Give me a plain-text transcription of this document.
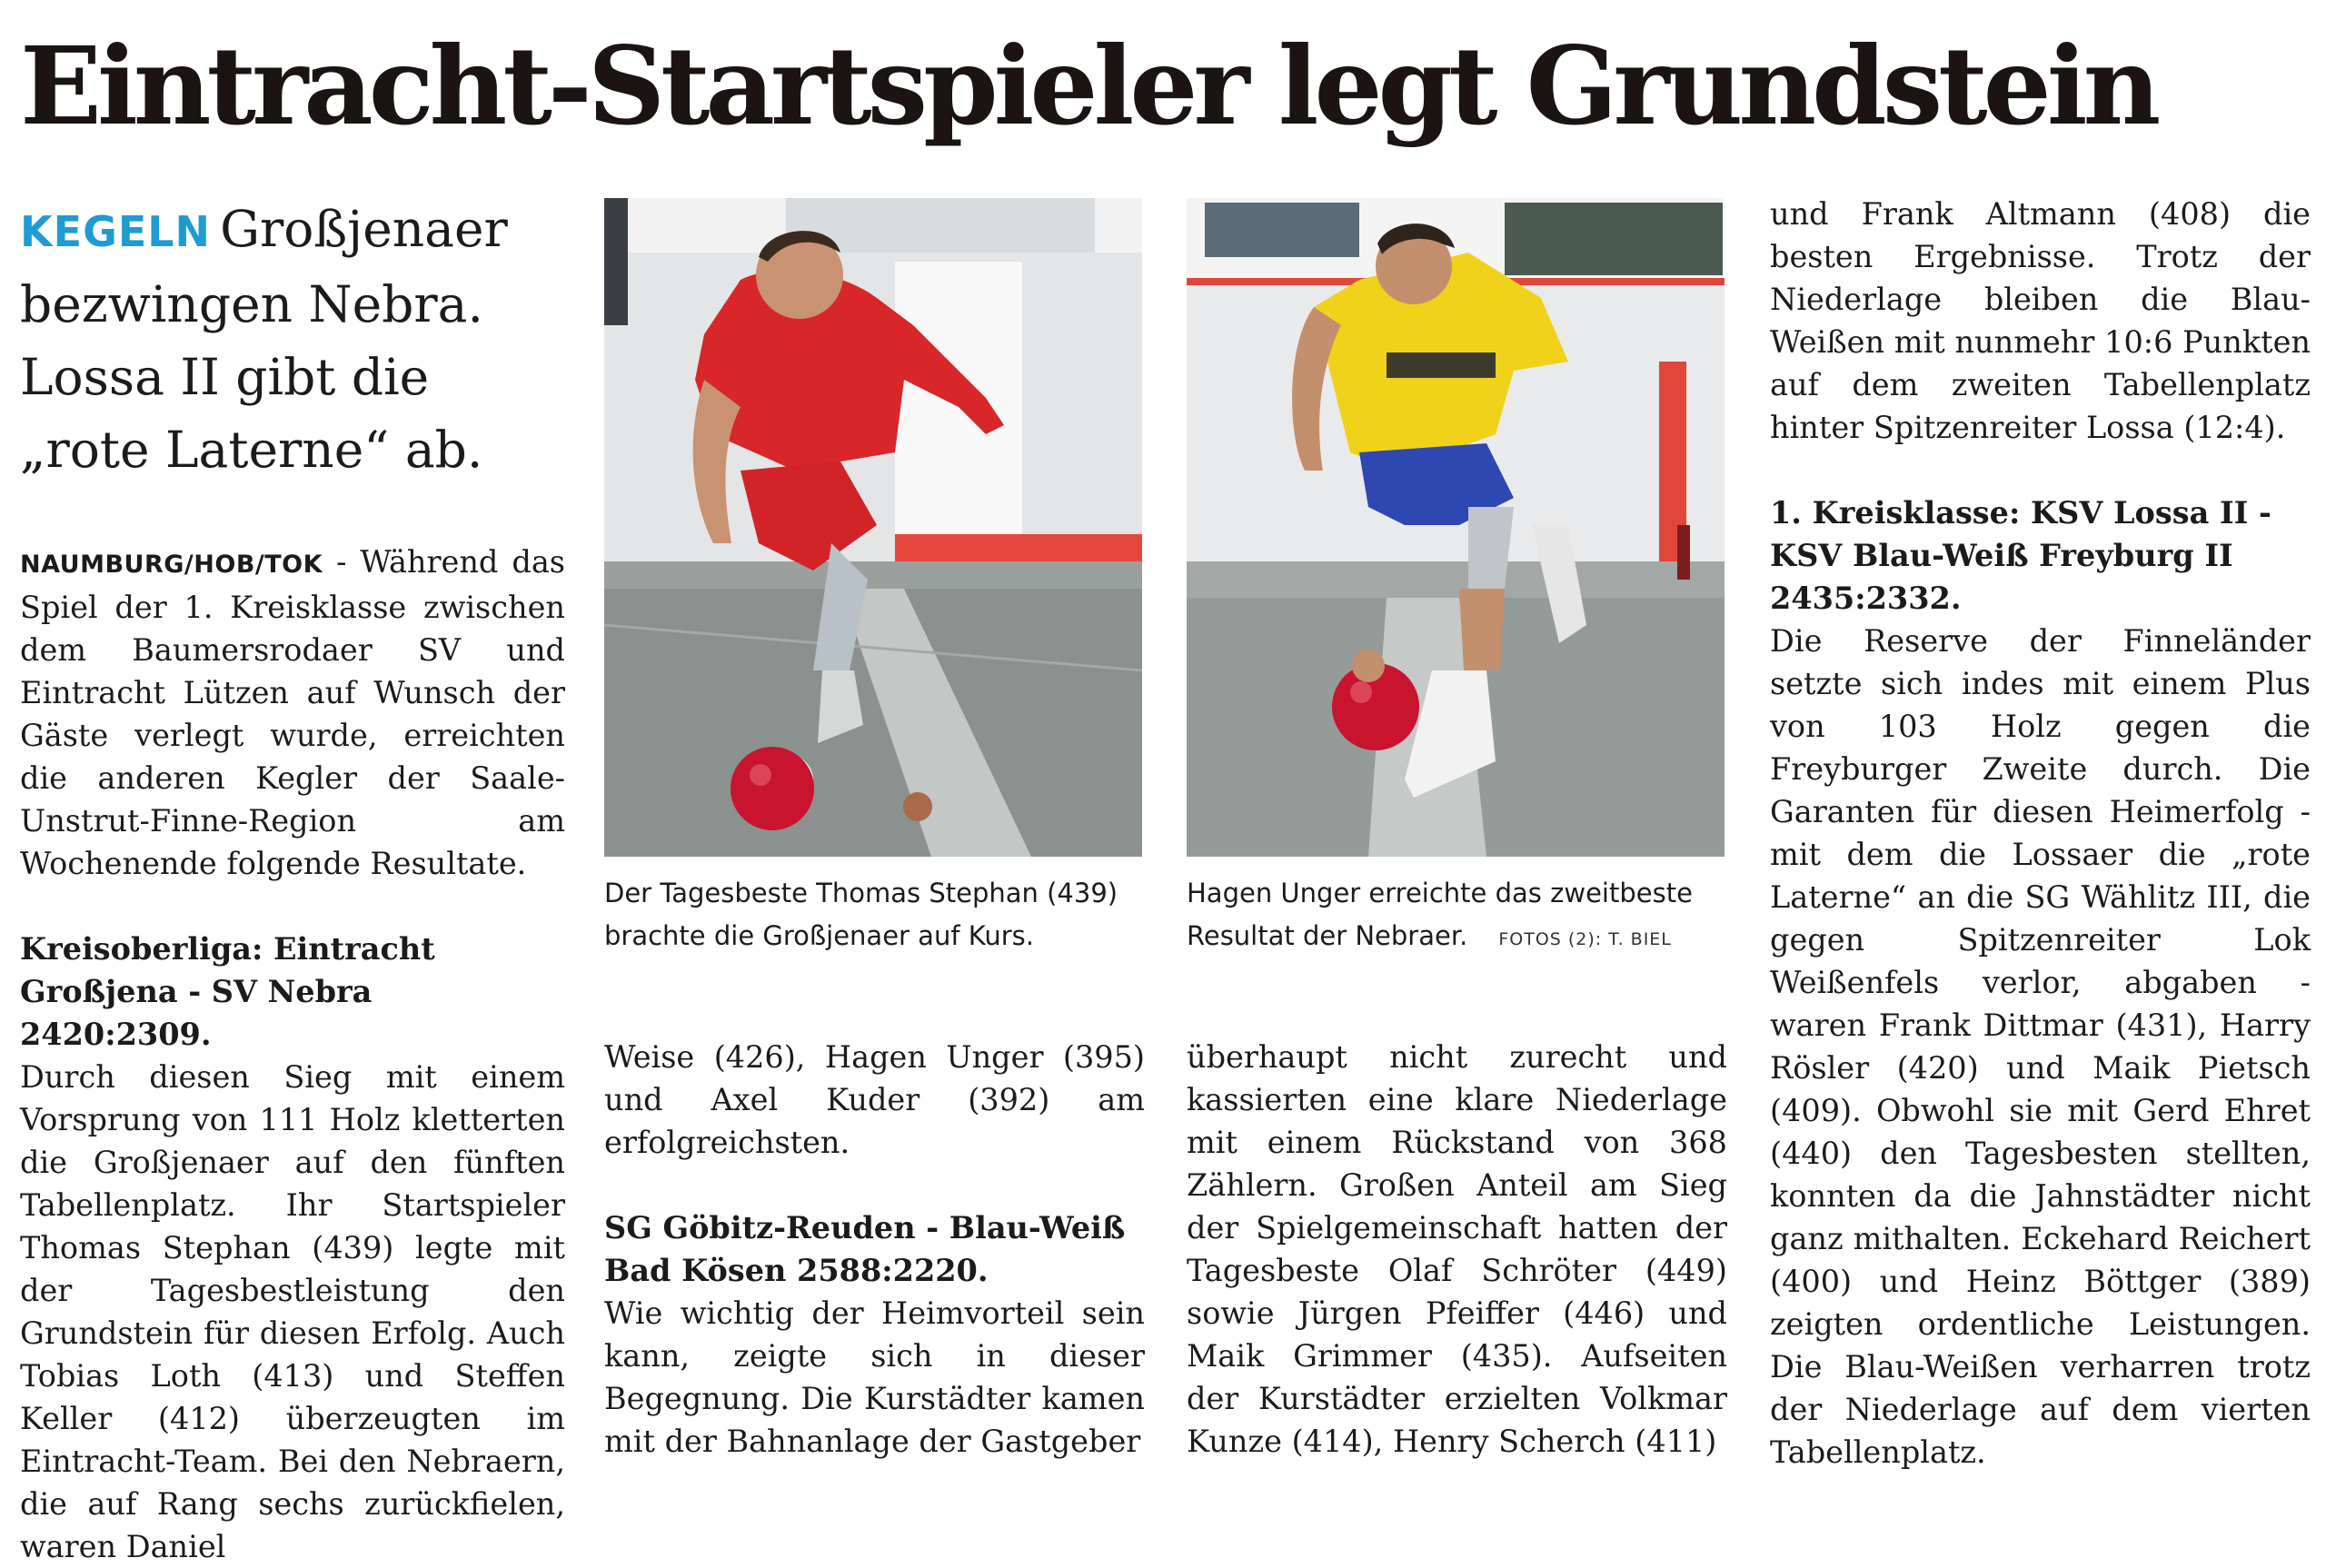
Eintracht-Startspieler legt Grundstein
KEGELN Großjenaer bezwingen Nebra. Lossa II gibt die „rote Laterne“ ab.

NAUMBURG/HOB/TOK - Während das Spiel der 1. Kreisklasse zwischen dem Baumersrodaer SV und Eintracht Lützen auf Wunsch der Gäste verlegt wurde, erreichten die anderen Kegler der Saale-Unstrut-Finne-Region am Wochenende folgende Resultate.

Kreisoberliga: Eintracht Großjena - SV Nebra 2420:2309.

Durch diesen Sieg mit einem Vorsprung von 111 Holz kletterten die Großjenaer auf den fünften Tabellenplatz. Ihr Startspieler Thomas Stephan (439) legte mit der Tagesbestleistung den Grundstein für diesen Erfolg. Auch Tobias Loth (413) und Steffen Keller (412) überzeugten im Eintracht-Team. Bei den Nebraern, die auf Rang sechs zurückfielen, waren Daniel

Der Tagesbeste Thomas Stephan (439) brachte die Großjenaer auf Kurs.

Weise (426), Hagen Unger (395) und Axel Kuder (392) am erfolgreichsten.

SG Göbitz-Reuden - Blau-Weiß Bad Kösen 2588:2220.

Wie wichtig der Heimvorteil sein kann, zeigte sich in dieser Begegnung. Die Kurstädter kamen mit der Bahnanlage der Gastgeber

Hagen Unger erreichte das zweitbeste Resultat der Nebraer. FOTOS (2): T. BIEL

überhaupt nicht zurecht und kassierten eine klare Niederlage mit einem Rückstand von 368 Zählern. Großen Anteil am Sieg der Spielgemeinschaft hatten der Tagesbeste Olaf Schröter (449) sowie Jürgen Pfeiffer (446) und Maik Grimmer (435). Aufseiten der Kurstädter erzielten Volkmar Kunze (414), Henry Scherch (411)

und Frank Altmann (408) die besten Ergebnisse. Trotz der Niederlage bleiben die Blau-Weißen mit nunmehr 10:6 Punkten auf dem zweiten Tabellenplatz hinter Spitzenreiter Lossa (12:4).

1. Kreisklasse: KSV Lossa II - KSV Blau-Weiß Freyburg II 2435:2332.

Die Reserve der Finneländer setzte sich indes mit einem Plus von 103 Holz gegen die Freyburger Zweite durch. Die Garanten für diesen Heimerfolg - mit dem die Lossaer die „rote Laterne“ an die SG Wählitz III, die gegen Spitzenreiter Lok Weißenfels verlor, abgaben - waren Frank Dittmar (431), Harry Rösler (420) und Maik Pietsch (409). Obwohl sie mit Gerd Ehret (440) den Tagesbesten stellten, konnten da die Jahnstädter nicht ganz mithalten. Eckehard Reichert (400) und Heinz Böttger (389) zeigten ordentliche Leistungen. Die Blau-Weißen verharren trotz der Niederlage auf dem vierten Tabellenplatz.
